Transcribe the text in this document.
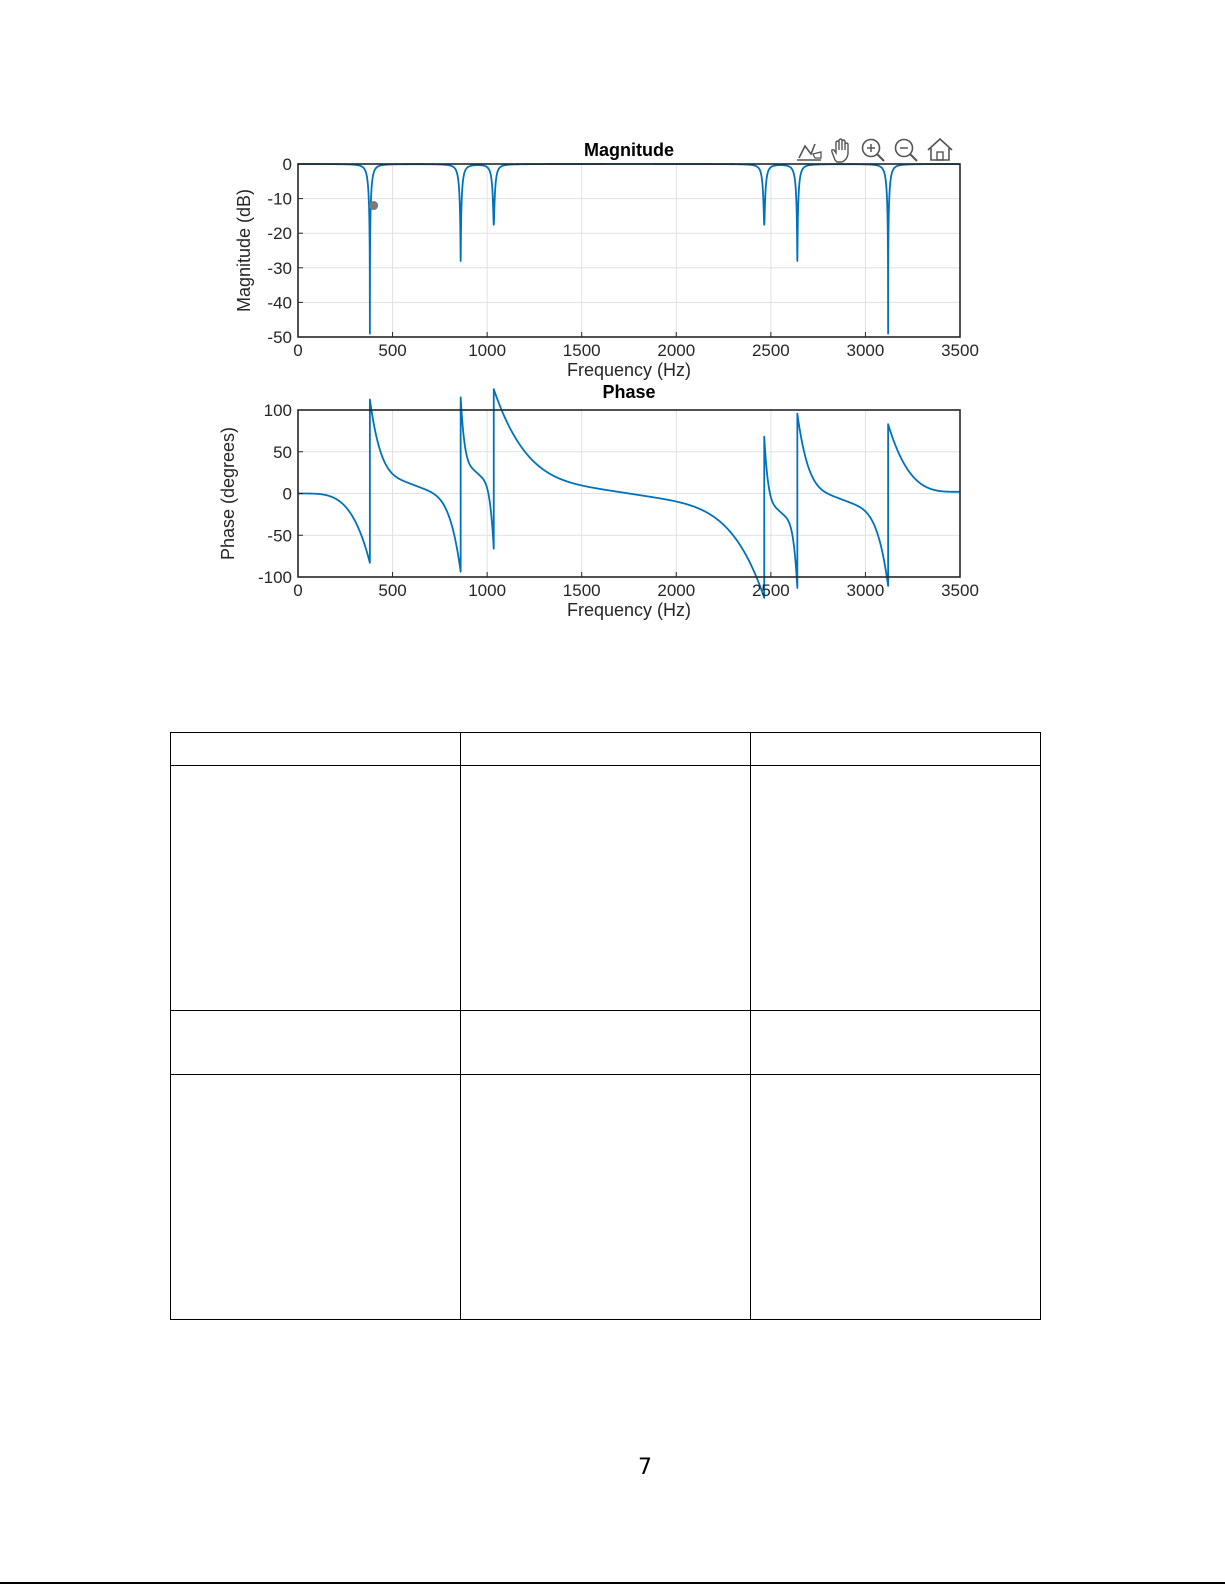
0	500	1000	1500	2000	2500	3000	3500
0
-10
-20
-30
-40
-50
Magnitude
Frequency (Hz)
Magnitude (dB)
0	500	1000	1500	2000	2500	3000	3500
100
50
0
-50
-100
Phase
Frequency (Hz)
Phase (degrees)

7
